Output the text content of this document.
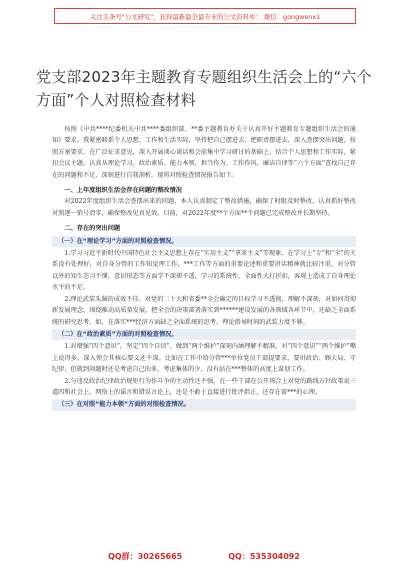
关注头条号"公文研究"，获得最新最全最专业的公文资料库！ 微信：gongwenx1
党支部2023年主题教育专题组织生活会上的“六个方面”个人对照检查材料

按照《中共****纪委机关中共****委组织部、**委主题教育办关于认真开好主题教育专题组织生活会的通知》要求，我紧密联系个人思想、工作和生活实际，坚持把自己摆进去，把职责摆进去，深入查摆突出问题，按照方案要求，在广泛征求意见，深入开展谈心谈话和会前集中学习研讨的基础上，结合个人思想和工作实际，紧扣会议主题，认真从理论学习、政治素质、能力本领、担当作为、工作作风、廉洁自律等“六个方面”查找自己存在的问题和不足，深刻进行自我剖析。现将对照检查情况报告如下。

一、上年度组织生活会存在问题的整改情况

对2022年度组织生活会查摆出来的问题，本人认真制定了整改措施，确保了时限及时整改，认真抓好整改对照逐一销号清零，确保整改见真见效。目前，对2022年度**个方面**个问题已完成整改并长期坚持。

二、存在的突出问题
（一）在“理论学习”方面的对照检查情况。

1.学习习近平新时代中国特色社会主义思想上存在“实用主义”“拿来主义”等现象。在学习上“专”和“全”的关系没有处理好，对自身分管的工作知觉理工作，***工作等方面的重要论述和重要讲话精神就比较注重，对分管以外的知生态习不懂，意识形态等方面学不深研不透，学习的系统性、全面性大打折扣，客观上造成了自身理论水平的不足。

2.理论武装头脑的成效不佳。对党的二十大和省委**全会确定的目标学习不透彻，理解不深刻，对如何贯彻新发展理念，围绕推动高质量发展，把全会的决策部署落实到******建设发展的各领域各环节中，还缺乏全面系统的研究思考。如，在落实***经济方面缺乏全面系统的思考，理论指导时间的武装力度不够。

（二）在“政治素质”方面的对照检查情况。

1.对增强“四个意识”，坚定“四个自信”，做到“两个维护”深刻内涵理解不精准。对“四个意识”“两个维护”嘴上说得多，深入领会其核心要义还不深。比如在工作中给分管***单位党员干部提要求，要讲政治、顾大局、守纪律，但就到问题时还是考虑自己的多，考虑集体的少，没有站在***整体的高度上谋划工作。

2.与违反政治纪律政治规矩行为作斗争的主动性还不强。在一些干部在公开场合上对党的路线方针政策说三道四和社会上、网络上的谣言和错误言论上，还是不敢于直接进行批评指正，还存在着***的心理。

（三）在对照“能力本领”方面的对照检查情况。
QQ群：30265665	QQ：535304092
